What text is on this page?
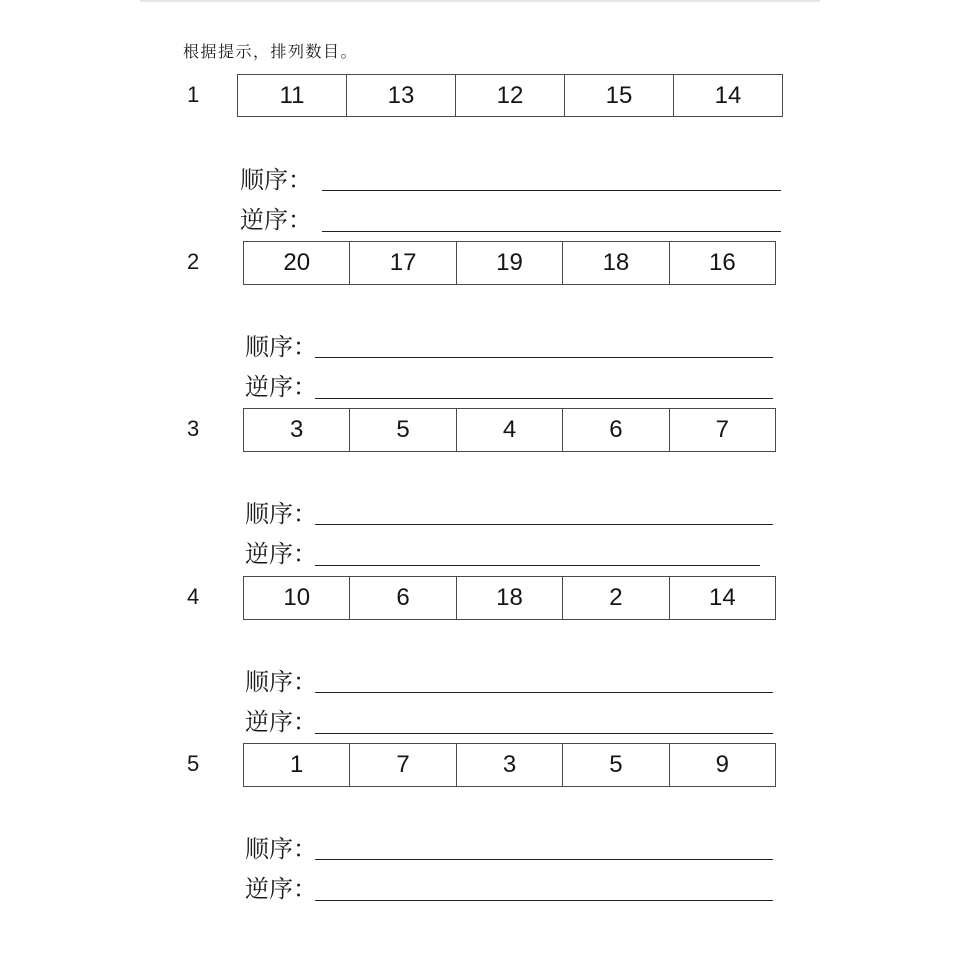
根据提示，排列数目。
1	11	13	12	15	14
顺序：
逆序：
2	20	17	19	18	16
顺序：
逆序：
3	3	5	4	6	7
顺序：
逆序：
4	10	6	18	2	14
顺序：
逆序：
5	1	7	3	5	9
顺序：
逆序：
